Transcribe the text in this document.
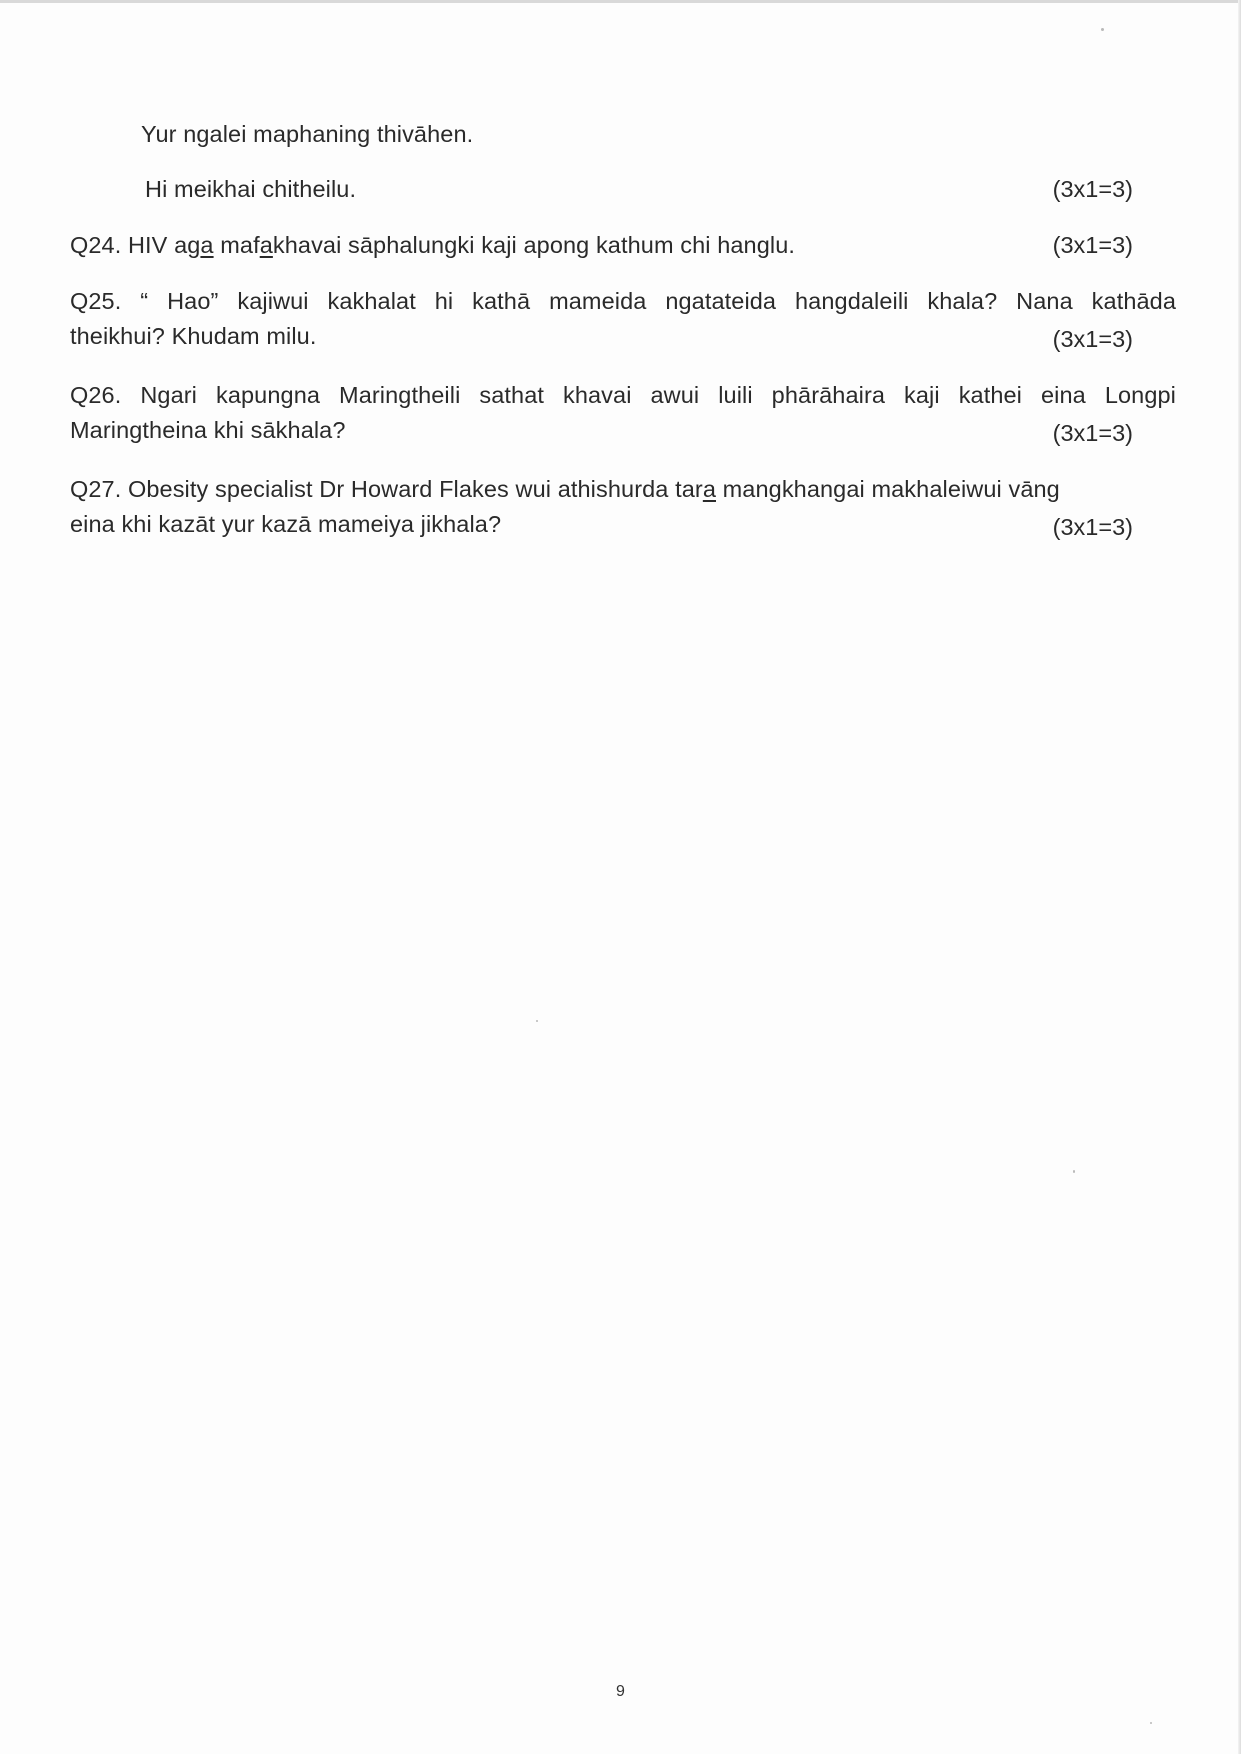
Yur ngalei maphaning thivāhen.
Hi meikhai chitheilu.	(3x1=3)
Q24. HIV aga mafakhavai sāphalungki kaji apong kathum chi hanglu.	(3x1=3)
Q25. “ Hao” kajiwui kakhalat hi kathā mameida ngatateida hangdaleili khala? Nana kathāda
theikhui? Khudam milu.	(3x1=3)
Q26. Ngari kapungna Maringtheili sathat khavai awui luili phārāhaira kaji kathei eina Longpi
Maringtheina khi sākhala?	(3x1=3)
Q27. Obesity specialist Dr Howard Flakes wui athishurda tara mangkhangai makhaleiwui vāng
eina khi kazāt yur kazā mameiya jikhala?	(3x1=3)
9
